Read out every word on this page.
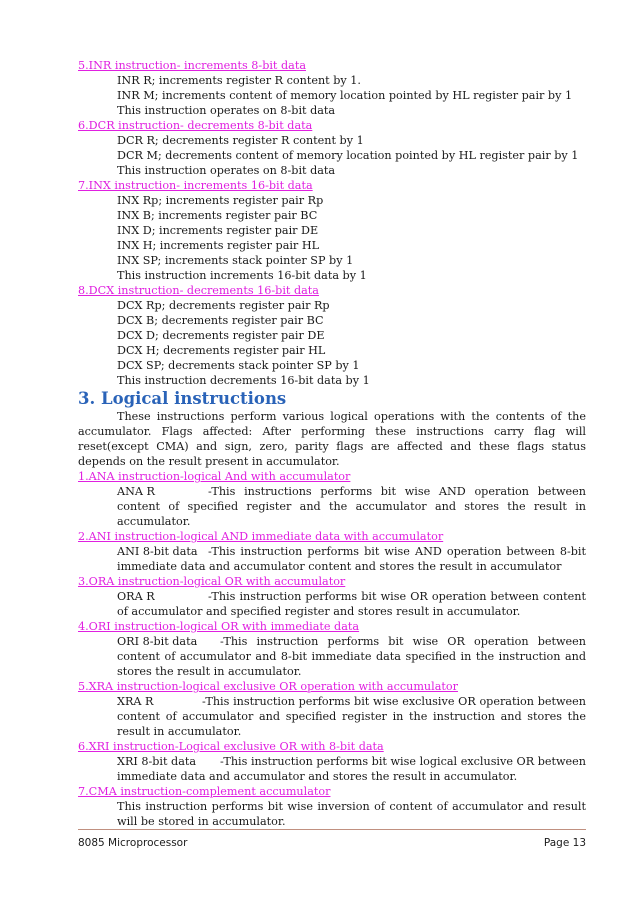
5.INR instruction- increments 8-bit data
INR R; increments register R content by 1.
INR M; increments content of memory location pointed by HL register pair by 1
This instruction operates on 8-bit data
6.DCR instruction- decrements 8-bit data
DCR R; decrements register R content by 1
DCR M; decrements content of memory location pointed by HL register pair by 1
This instruction operates on 8-bit data
7.INX instruction- increments 16-bit data
INX Rp; increments register pair Rp
INX B; increments register pair BC
INX D; increments register pair DE
INX H; increments register pair HL
INX SP; increments stack pointer SP by 1
This instruction increments 16-bit data by 1
8.DCX instruction- decrements 16-bit data
DCX Rp; decrements register pair Rp
DCX B; decrements register pair BC
DCX D; decrements register pair DE
DCX H; decrements register pair HL
DCX SP; decrements stack pointer SP by 1
This instruction decrements 16-bit data by 1
3. Logical instructions
These instructions perform various logical operations with the contents of the accumulator. Flags affected: After performing these instructions carry flag will reset(except CMA) and sign, zero, parity flags are affected and these flags status depends on the result present in accumulator.
1.ANA instruction-logical And with accumulator
ANA R	-This instructions performs bit wise AND operation between content of specified register and the accumulator and stores the result in accumulator.
2.ANI instruction-logical AND immediate data with accumulator
ANI 8-bit data -This instruction performs bit wise AND operation between 8-bit immediate data and accumulator content and stores the result in accumulator
3.ORA instruction-logical OR with accumulator
ORA R	-This instruction performs bit wise OR operation between content of accumulator and specified register and stores result in accumulator.
4.ORI instruction-logical OR with immediate data
ORI 8-bit data -This instruction performs bit wise OR operation between content of accumulator and 8-bit immediate data specified in the instruction and stores the result in accumulator.
5.XRA instruction-logical exclusive OR operation with accumulator
XRA R	-This instruction performs bit wise exclusive OR operation between content of accumulator and specified register in the instruction and stores the result in accumulator.
6.XRI instruction-Logical exclusive OR with 8-bit data
XRI 8-bit data -This instruction performs bit wise logical exclusive OR between immediate data and accumulator and stores the result in accumulator.
7.CMA instruction-complement accumulator
This instruction performs bit wise inversion of content of accumulator and result will be stored in accumulator.
8085 Microprocessor	Page 13
